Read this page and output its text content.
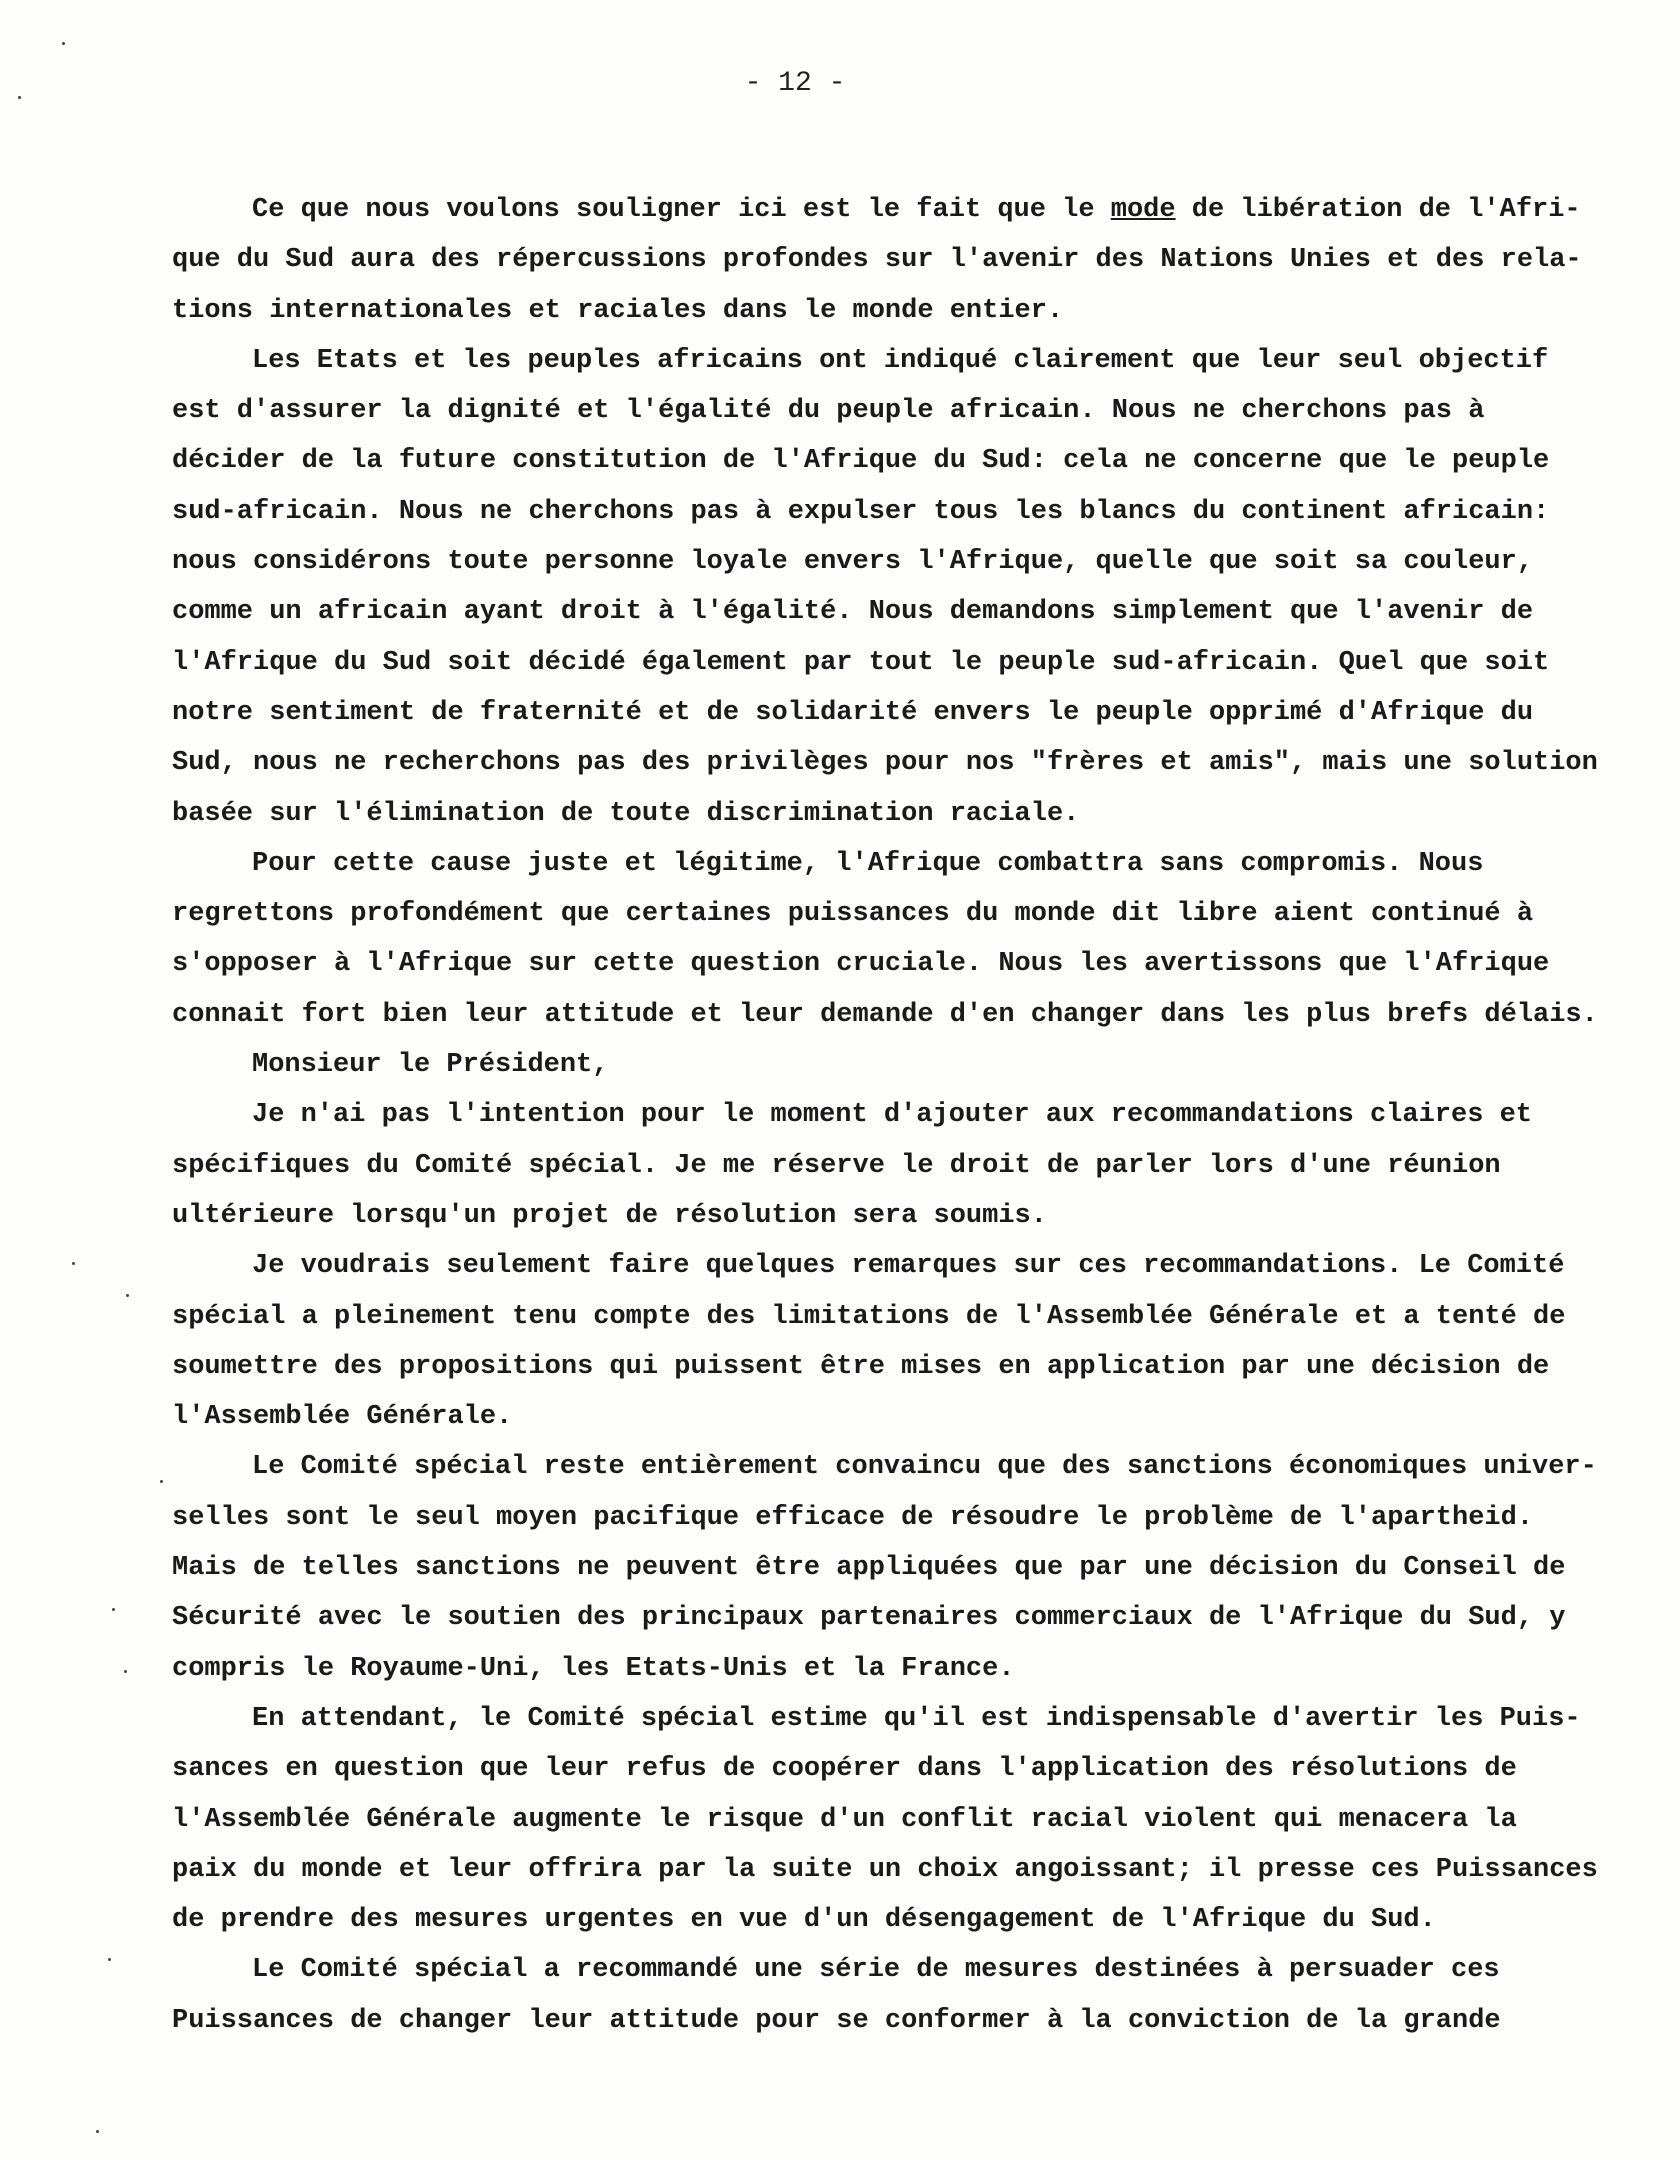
- 12 -
Ce que nous voulons souligner ici est le fait que le mode de libération de l'Afri-
que du Sud aura des répercussions profondes sur l'avenir des Nations Unies et des rela-
tions internationales et raciales dans le monde entier.
Les Etats et les peuples africains ont indiqué clairement que leur seul objectif
est d'assurer la dignité et l'égalité du peuple africain. Nous ne cherchons pas à
décider de la future constitution de l'Afrique du Sud: cela ne concerne que le peuple
sud-africain. Nous ne cherchons pas à expulser tous les blancs du continent africain:
nous considérons toute personne loyale envers l'Afrique, quelle que soit sa couleur,
comme un africain ayant droit à l'égalité. Nous demandons simplement que l'avenir de
l'Afrique du Sud soit décidé également par tout le peuple sud-africain. Quel que soit
notre sentiment de fraternité et de solidarité envers le peuple opprimé d'Afrique du
Sud, nous ne recherchons pas des privilèges pour nos "frères et amis", mais une solution
basée sur l'élimination de toute discrimination raciale.
Pour cette cause juste et légitime, l'Afrique combattra sans compromis. Nous
regrettons profondément que certaines puissances du monde dit libre aient continué à
s'opposer à l'Afrique sur cette question cruciale. Nous les avertissons que l'Afrique
connait fort bien leur attitude et leur demande d'en changer dans les plus brefs délais.
Monsieur le Président,
Je n'ai pas l'intention pour le moment d'ajouter aux recommandations claires et
spécifiques du Comité spécial. Je me réserve le droit de parler lors d'une réunion
ultérieure lorsqu'un projet de résolution sera soumis.
Je voudrais seulement faire quelques remarques sur ces recommandations. Le Comité
spécial a pleinement tenu compte des limitations de l'Assemblée Générale et a tenté de
soumettre des propositions qui puissent être mises en application par une décision de
l'Assemblée Générale.
Le Comité spécial reste entièrement convaincu que des sanctions économiques univer-
selles sont le seul moyen pacifique efficace de résoudre le problème de l'apartheid.
Mais de telles sanctions ne peuvent être appliquées que par une décision du Conseil de
Sécurité avec le soutien des principaux partenaires commerciaux de l'Afrique du Sud, y
compris le Royaume-Uni, les Etats-Unis et la France.
En attendant, le Comité spécial estime qu'il est indispensable d'avertir les Puis-
sances en question que leur refus de coopérer dans l'application des résolutions de
l'Assemblée Générale augmente le risque d'un conflit racial violent qui menacera la
paix du monde et leur offrira par la suite un choix angoissant; il presse ces Puissances
de prendre des mesures urgentes en vue d'un désengagement de l'Afrique du Sud.
Le Comité spécial a recommandé une série de mesures destinées à persuader ces
Puissances de changer leur attitude pour se conformer à la conviction de la grande
